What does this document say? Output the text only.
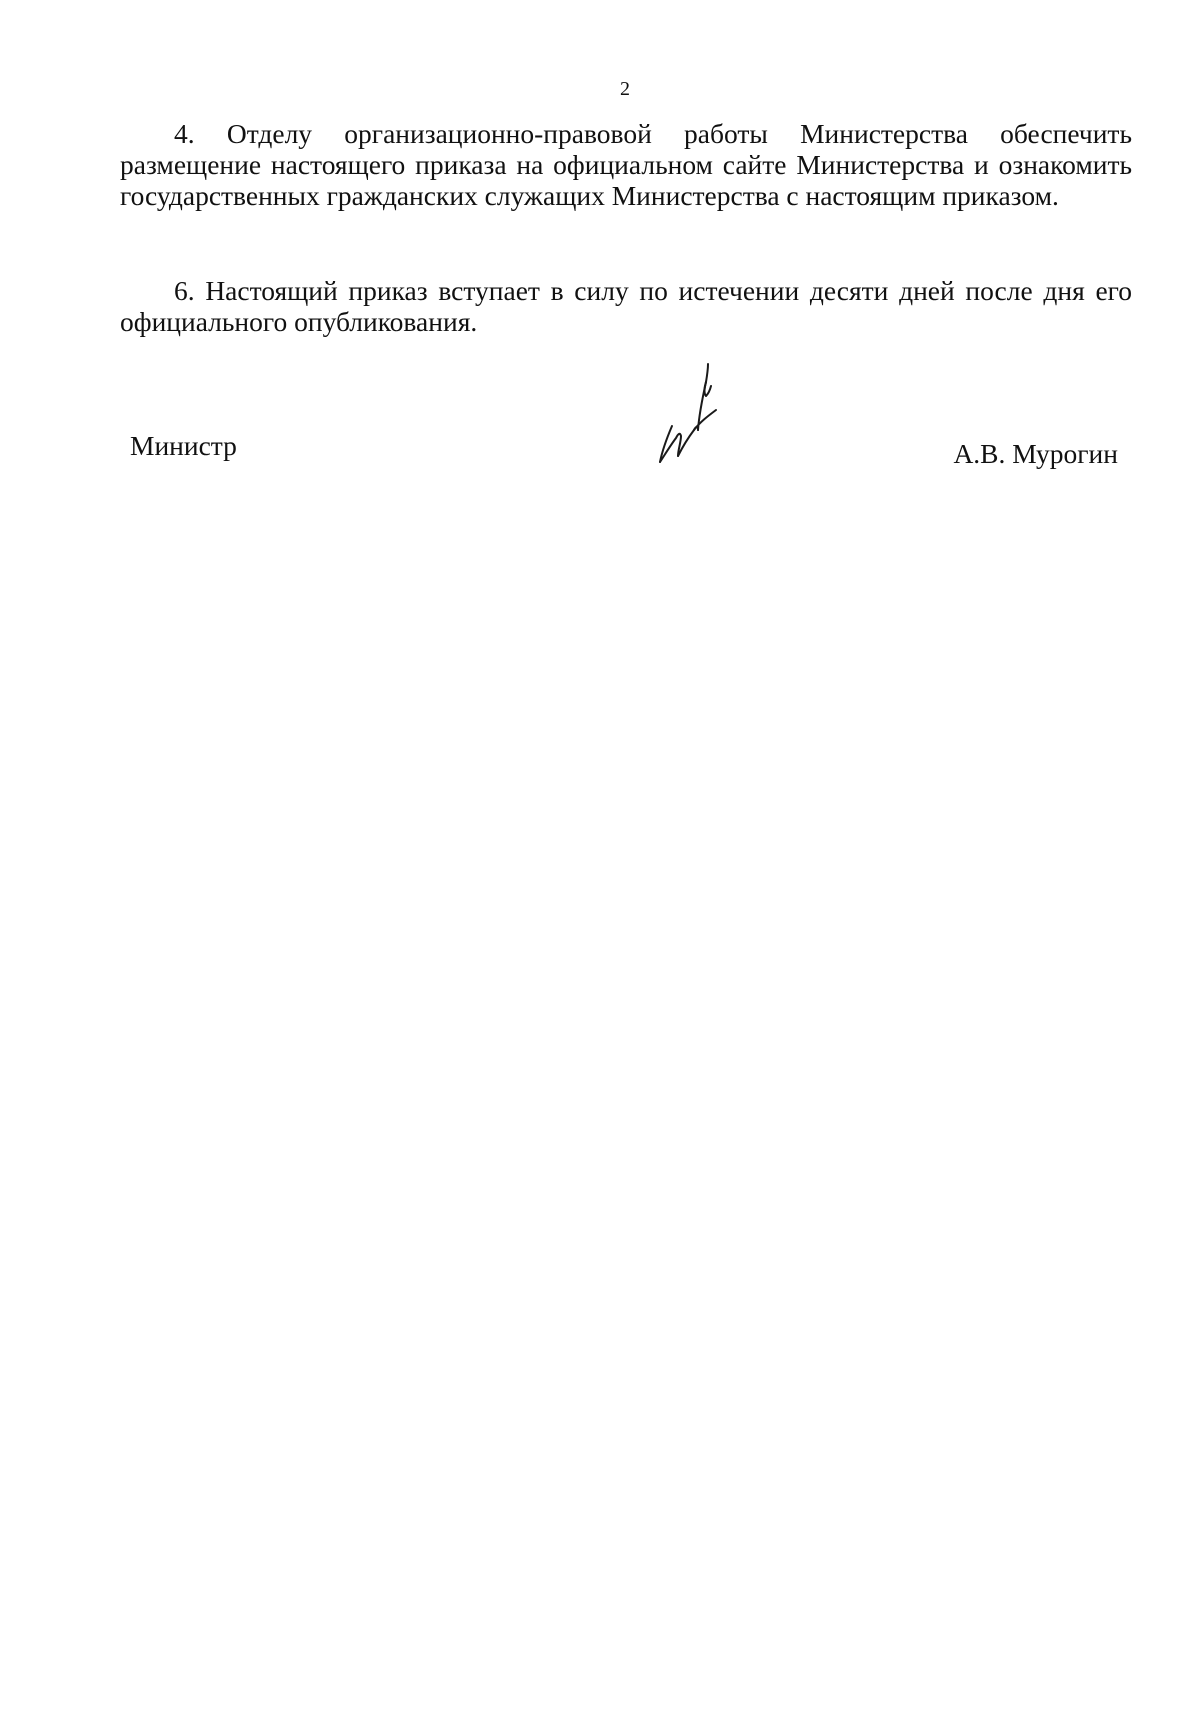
2

4. Отделу организационно-правовой работы Министерства обеспечить размещение настоящего приказа на официальном сайте Министерства и ознакомить государственных гражданских служащих Министерства с настоящим приказом.

6. Настоящий приказ вступает в силу по истечении десяти дней после дня его официального опубликования.

Министр	А.В. Мурогин
